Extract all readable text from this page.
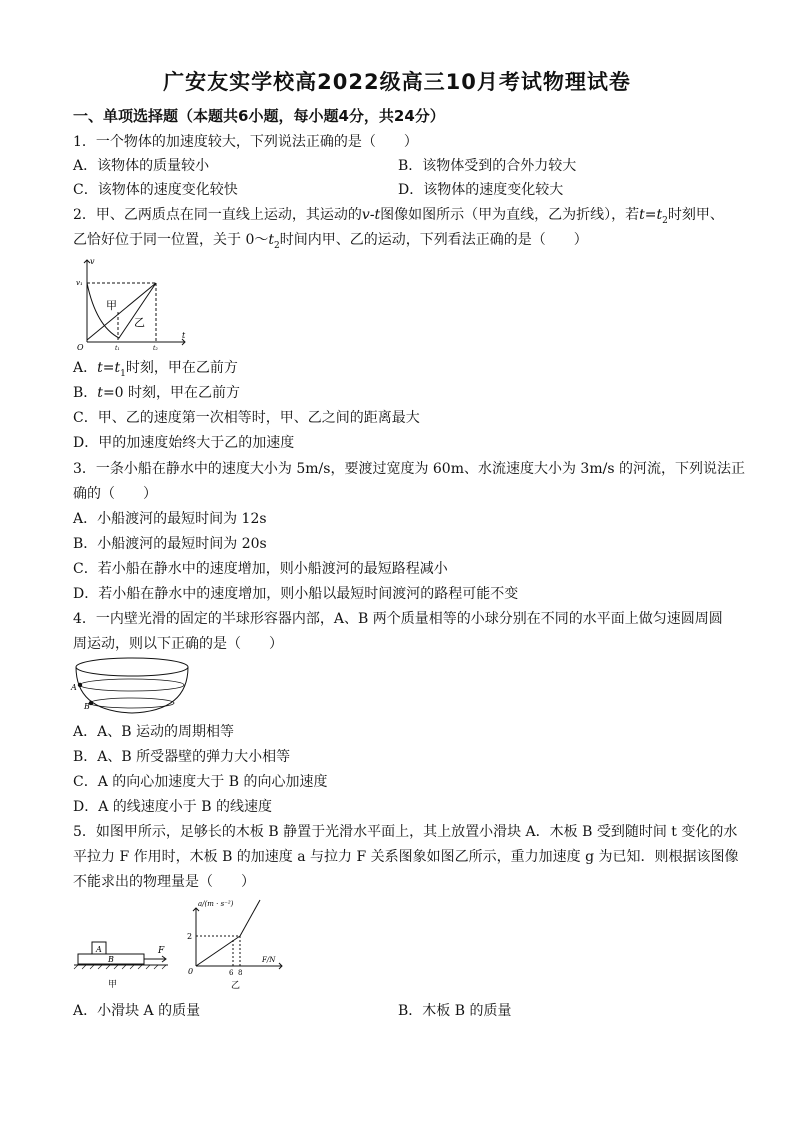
广安友实学校高2022级高三10月考试物理试卷
一、单项选择题（本题共6小题，每小题4分，共24分）
1．一个物体的加速度较大，下列说法正确的是（　　）
A．该物体的质量较小	B．该物体受到的合外力较大
C．该物体的速度变化较快	D．该物体的速度变化较大
2．甲、乙两质点在同一直线上运动，其运动的v-t图像如图所示（甲为直线，乙为折线），若$t=t_2$时刻甲、
乙恰好位于同一位置，关于 $0\sim t_2$时间内甲、乙的运动，下列看法正确的是（　　）
v
t
v₁
O	t₁	t₂
甲
乙
A．$t=t_1$时刻，甲在乙前方
B．t=0 时刻，甲在乙前方
C．甲、乙的速度第一次相等时，甲、乙之间的距离最大
D．甲的加速度始终大于乙的加速度
3．一条小船在静水中的速度大小为 5m/s，要渡过宽度为 60m、水流速度大小为 3m/s 的河流，下列说法正
确的（　　）
A．小船渡河的最短时间为 12s
B．小船渡河的最短时间为 20s
C．若小船在静水中的速度增加，则小船渡河的最短路程减小
D．若小船在静水中的速度增加，则小船以最短时间渡河的路程可能不变
4．一内壁光滑的固定的半球形容器内部，A、B 两个质量相等的小球分别在不同的水平面上做匀速圆周圆
周运动，则以下正确的是（　　）
A
B
A．A、B 运动的周期相等
B．A、B 所受器壁的弹力大小相等
C．A 的向心加速度大于 B 的向心加速度
D．A 的线速度小于 B 的线速度
5．如图甲所示，足够长的木板 B 静置于光滑水平面上，其上放置小滑块 A．木板 B 受到随时间 t 变化的水
平拉力 F 作用时，木板 B 的加速度 a 与拉力 F 关系图象如图乙所示，重力加速度 g 为已知．则根据该图像
不能求出的物理量是（　　）
A
B
F
甲
a/(m · s⁻²)
F/N
2
0	6 8
乙
A．小滑块 A 的质量	B．木板 B 的质量
